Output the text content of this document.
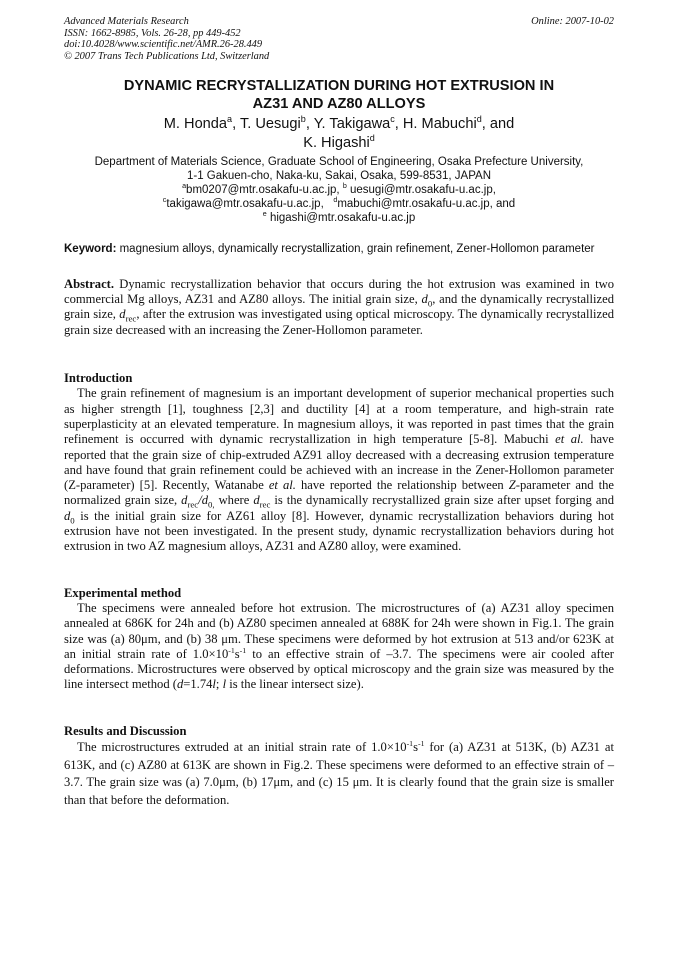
Advanced Materials Research
ISSN: 1662-8985, Vols. 26-28, pp 449-452
doi:10.4028/www.scientific.net/AMR.26-28.449
© 2007 Trans Tech Publications Ltd, Switzerland
Online: 2007-10-02
DYNAMIC RECRYSTALLIZATION DURING HOT EXTRUSION IN
AZ31 AND AZ80 ALLOYS
M. Honda$^a$, T. Uesugi$^b$, Y. Takigawa$^c$, H. Mabuchi$^d$, and
K. Higashi$^d$
Department of Materials Science, Graduate School of Engineering, Osaka Prefecture University,
1-1 Gakuen-cho, Naka-ku, Sakai, Osaka, 599-8531, JAPAN
$^a$bm0207@mtr.osakafu-u.ac.jp, $^b$ uesugi@mtr.osakafu-u.ac.jp,
$^c$takigawa@mtr.osakafu-u.ac.jp,   $^d$mabuchi@mtr.osakafu-u.ac.jp, and
$^e$ higashi@mtr.osakafu-u.ac.jp
Keyword: magnesium alloys, dynamically recrystallization, grain refinement, Zener-Hollomon parameter
Abstract. Dynamic recrystallization behavior that occurs during the hot extrusion was examined in two commercial Mg alloys, AZ31 and AZ80 alloys. The initial grain size, $d_0$, and the dynamically recrystallized grain size, $d_{rec}$, after the extrusion was investigated using optical microscopy. The dynamically recrystallized grain size decreased with an increasing the Zener-Hollomon parameter.
Introduction
The grain refinement of magnesium is an important development of superior mechanical properties such as higher strength [1], toughness [2,3] and ductility [4] at a room temperature, and high-strain rate superplasticity at an elevated temperature. In magnesium alloys, it was reported in past times that the grain refinement is occurred with dynamic recrystallization in high temperature [5-8]. Mabuchi et al. have reported that the grain size of chip-extruded AZ91 alloy decreased with a decreasing extrusion temperature and have found that grain refinement could be achieved with an increase in the Zener-Hollomon parameter (Z-parameter) [5]. Recently, Watanabe et al. have reported the relationship between Z-parameter and the normalized grain size, $d_{rec}/d_{0,}$ where $d_{rec}$ is the dynamically recrystallized grain size after upset forging and $d_0$ is the initial grain size for AZ61 alloy [8]. However, dynamic recrystallization behaviors during hot extrusion have not been investigated. In the present study, dynamic recrystallization behaviors during hot extrusion in two AZ magnesium alloys, AZ31 and AZ80 alloy, were examined.
Experimental method
The specimens were annealed before hot extrusion. The microstructures of (a) AZ31 alloy specimen annealed at 686K for 24h and (b) AZ80 specimen annealed at 688K for 24h were shown in Fig.1. The grain size was (a) 80μm, and (b) 38 μm. These specimens were deformed by hot extrusion at 513 and/or 623K at an initial strain rate of $1.0\times 10^{-1}s^{-1}$ to an effective strain of –3.7. The specimens were air cooled after deformations. Microstructures were observed by optical microscopy and the grain size was measured by the line intersect method (d=1.74l; l is the linear intersect size).
Results and Discussion
The microstructures extruded at an initial strain rate of $1.0\times 10^{-1}s^{-1}$ for (a) AZ31 at 513K, (b) AZ31 at 613K, and (c) AZ80 at 613K are shown in Fig.2. These specimens were deformed to an effective strain of –3.7. The grain size was (a) 7.0μm, (b) 17μm, and (c) 15 μm. It is clearly found that the grain size is smaller than that before the deformation.
